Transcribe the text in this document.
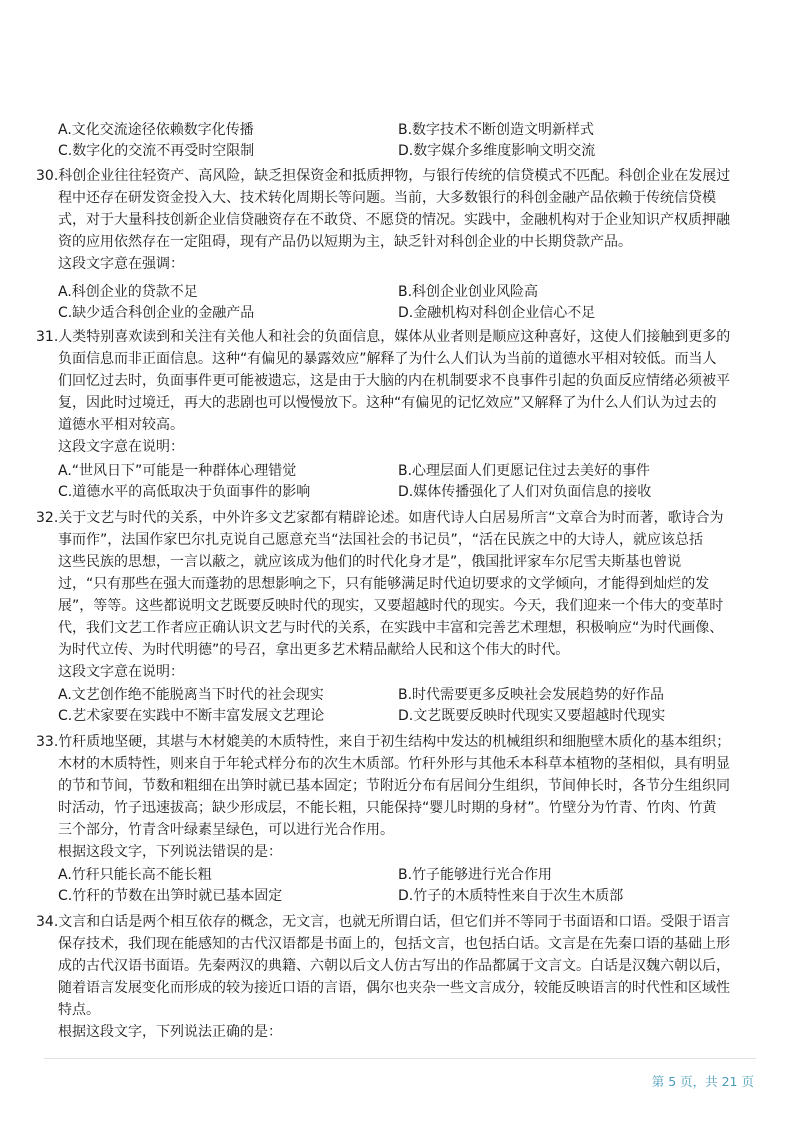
A.文化交流途径依赖数字化传播	B.数字技术不断创造文明新样式
C.数字化的交流不再受时空限制	D.数字媒介多维度影响文明交流

30.科创企业往往轻资产、高风险，缺乏担保资金和抵质押物，与银行传统的信贷模式不匹配。科创企业在发展过

程中还存在研发资金投入大、技术转化周期长等问题。当前，大多数银行的科创金融产品依赖于传统信贷模

式，对于大量科技创新企业信贷融资存在不敢贷、不愿贷的情况。实践中，金融机构对于企业知识产权质押融

资的应用依然存在一定阻碍，现有产品仍以短期为主，缺乏针对科创企业的中长期贷款产品。

这段文字意在强调：

A.科创企业的贷款不足	B.科创企业创业风险高
C.缺少适合科创企业的金融产品	D.金融机构对科创企业信心不足

31.人类特别喜欢读到和关注有关他人和社会的负面信息，媒体从业者则是顺应这种喜好，这使人们接触到更多的

负面信息而非正面信息。这种“有偏见的暴露效应”解释了为什么人们认为当前的道德水平相对较低。而当人

们回忆过去时，负面事件更可能被遗忘，这是由于大脑的内在机制要求不良事件引起的负面反应情绪必须被平

复，因此时过境迁，再大的悲剧也可以慢慢放下。这种“有偏见的记忆效应”又解释了为什么人们认为过去的

道德水平相对较高。

这段文字意在说明：

A.“世风日下”可能是一种群体心理错觉	B.心理层面人们更愿记住过去美好的事件
C.道德水平的高低取决于负面事件的影响	D.媒体传播强化了人们对负面信息的接收

32.关于文艺与时代的关系，中外许多文艺家都有精辟论述。如唐代诗人白居易所言“文章合为时而著，歌诗合为

事而作”，法国作家巴尔扎克说自己愿意充当“法国社会的书记员”，“活在民族之中的大诗人，就应该总括

这些民族的思想，一言以蔽之，就应该成为他们的时代化身才是”，俄国批评家车尔尼雪夫斯基也曾说

过，“只有那些在强大而蓬勃的思想影响之下，只有能够满足时代迫切要求的文学倾向，才能得到灿烂的发

展”，等等。这些都说明文艺既要反映时代的现实，又要超越时代的现实。今天，我们迎来一个伟大的变革时

代，我们文艺工作者应正确认识文艺与时代的关系，在实践中丰富和完善艺术理想，积极响应“为时代画像、

为时代立传、为时代明德”的号召，拿出更多艺术精品献给人民和这个伟大的时代。

这段文字意在说明：

A.文艺创作绝不能脱离当下时代的社会现实	B.时代需要更多反映社会发展趋势的好作品
C.艺术家要在实践中不断丰富发展文艺理论	D.文艺既要反映时代现实又要超越时代现实

33.竹秆质地坚硬，其堪与木材媲美的木质特性，来自于初生结构中发达的机械组织和细胞壁木质化的基本组织；

木材的木质特性，则来自于年轮式样分布的次生木质部。竹秆外形与其他禾本科草本植物的茎相似，具有明显

的节和节间，节数和粗细在出笋时就已基本固定；节附近分布有居间分生组织，节间伸长时，各节分生组织同

时活动，竹子迅速拔高；缺少形成层，不能长粗，只能保持“婴儿时期的身材”。竹壁分为竹青、竹肉、竹黄

三个部分，竹青含叶绿素呈绿色，可以进行光合作用。

根据这段文字，下列说法错误的是：

A.竹秆只能长高不能长粗	B.竹子能够进行光合作用
C.竹秆的节数在出笋时就已基本固定	D.竹子的木质特性来自于次生木质部

34.文言和白话是两个相互依存的概念，无文言，也就无所谓白话，但它们并不等同于书面语和口语。受限于语言

保存技术，我们现在能感知的古代汉语都是书面上的，包括文言，也包括白话。文言是在先秦口语的基础上形

成的古代汉语书面语。先秦两汉的典籍、六朝以后文人仿古写出的作品都属于文言文。白话是汉魏六朝以后，

随着语言发展变化而形成的较为接近口语的言语，偶尔也夹杂一些文言成分，较能反映语言的时代性和区域性

特点。

根据这段文字，下列说法正确的是：

第 5 页，共 21 页
